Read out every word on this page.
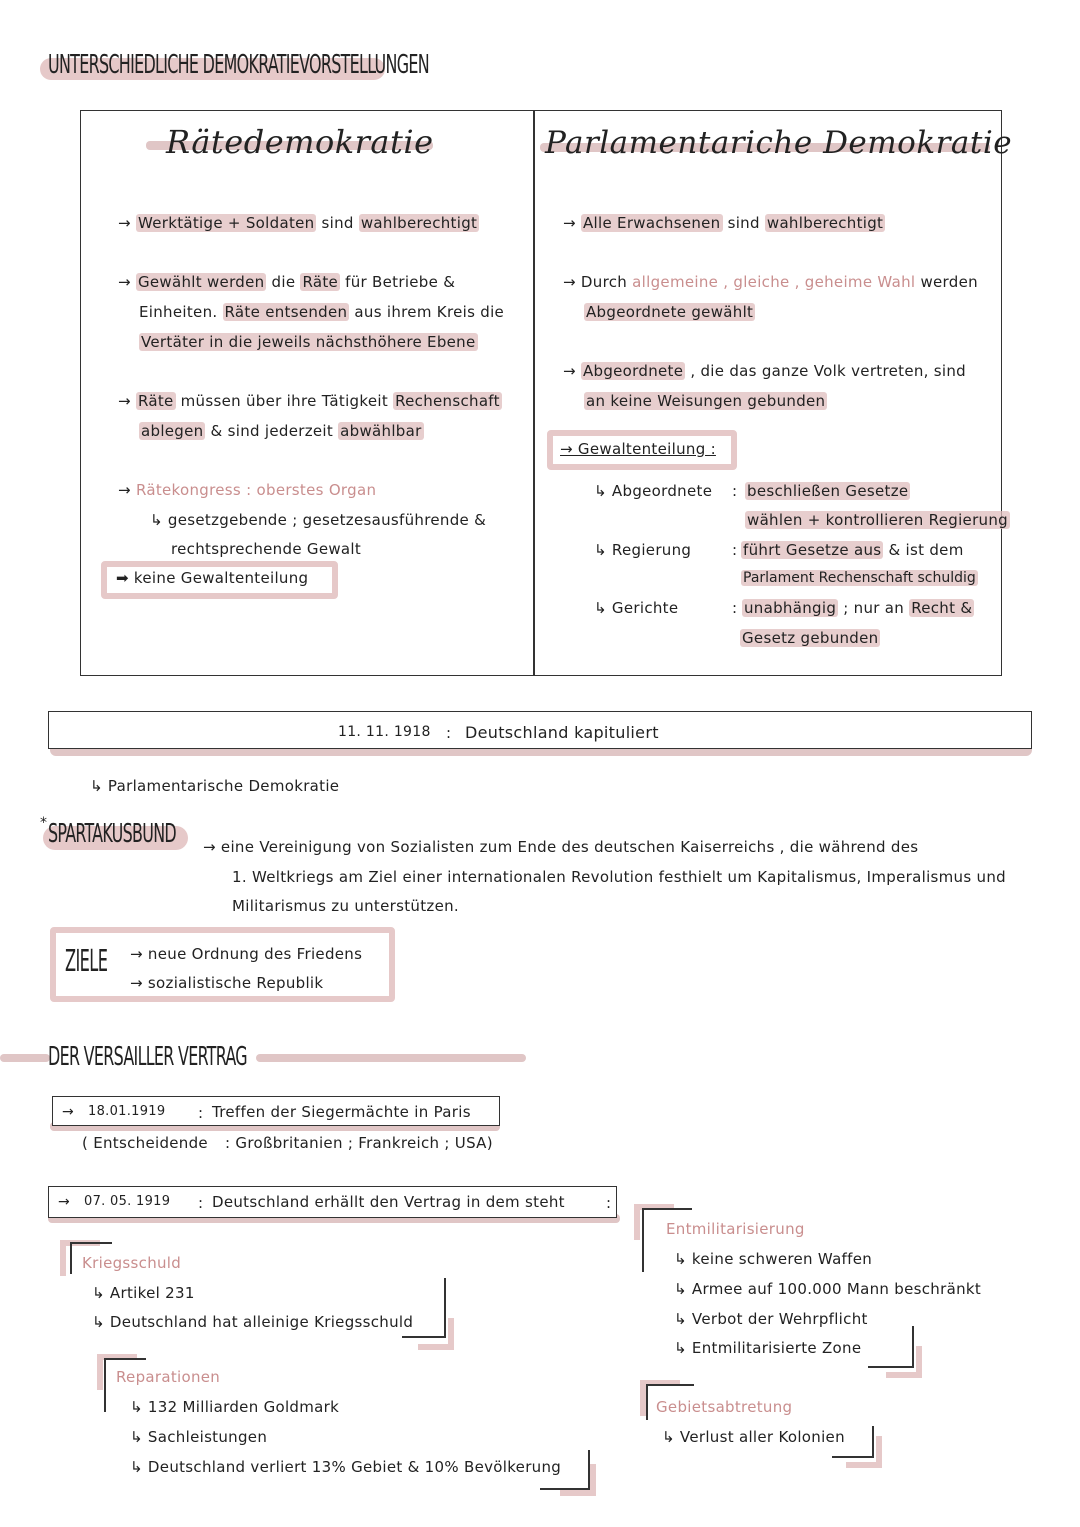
UNTERSCHIEDLICHE DEMOKRATIEVORSTELLUNGEN
Rätedemokratie
→ Werktätige + Soldaten sind wahlberechtigt
→ Gewählt werden die Räte für Betriebe &
Einheiten. Räte entsenden aus ihrem Kreis die
Vertäter in die jeweils nächsthöhere Ebene
→ Räte müssen über ihre Tätigkeit Rechenschaft
ablegen & sind jederzeit abwählbar
→ Rätekongress : oberstes Organ
↳ gesetzgebende ; gesetzesausführende &
rechtsprechende Gewalt
➡ keine Gewaltenteilung
Parlamentariche Demokratie
→ Alle Erwachsenen sind wahlberechtigt
→ Durch allgemeine , gleiche , geheime Wahl werden
Abgeordnete gewählt
→ Abgeordnete , die das ganze Volk vertreten, sind
an keine Weisungen gebunden
→ Gewaltenteilung :
↳ Abgeordnete : beschließen Gesetze
wählen + kontrollieren Regierung
↳ Regierung	: führt Gesetze aus & ist dem
Parlament Rechenschaft schuldig
↳ Gerichte	: unabhängig ; nur an Recht &
Gesetz gebunden
11. 11. 1918 : Deutschland kapituliert
↳ Parlamentarische Demokratie
* SPARTAKUSBUND → eine Vereinigung von Sozialisten zum Ende des deutschen Kaiserreichs , die während des
1. Weltkriegs am Ziel einer internationalen Revolution festhielt um Kapitalismus, Imperalismus und
Militarismus zu unterstützen.
ZIELE → neue Ordnung des Friedens
→ sozialistische Republik
DER VERSAILLER VERTRAG
→ 18.01.1919 : Treffen der Siegermächte in Paris
( Entscheidende : Großbritanien ; Frankreich ; USA)
→ 07. 05. 1919 : Deutschland erhällt den Vertrag in dem steht	:
Kriegsschuld
↳ Artikel 231
↳ Deutschland hat alleinige Kriegsschuld
Reparationen
↳ 132 Milliarden Goldmark
↳ Sachleistungen
↳ Deutschland verliert 13% Gebiet & 10% Bevölkerung
Entmilitarisierung
↳ keine schweren Waffen
↳ Armee auf 100.000 Mann beschränkt
↳ Verbot der Wehrpflicht
↳ Entmilitarisierte Zone
Gebietsabtretung
↳ Verlust aller Kolonien
